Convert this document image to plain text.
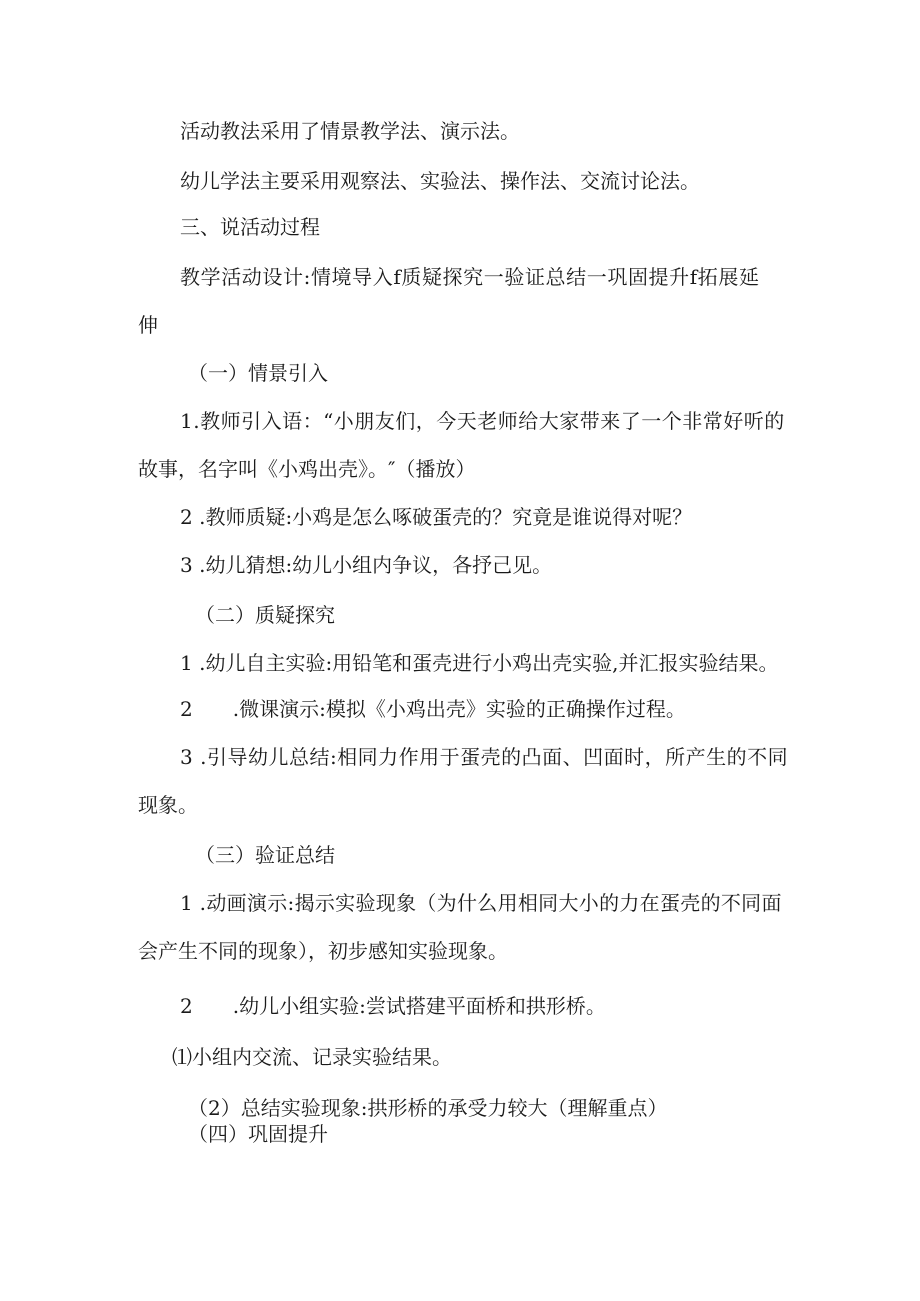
活动教法采用了情景教学法、演示法。
幼儿学法主要采用观察法、实验法、操作法、交流讨论法。
三、说活动过程
教学活动设计:情境导入f质疑探究一验证总结一巩固提升f拓展延
伸
（一）情景引入
1.教师引入语：“小朋友们，今天老师给大家带来了一个非常好听的
故事，名字叫《小鸡出壳》。″（播放）
2 .教师质疑:小鸡是怎么啄破蛋壳的？究竟是谁说得对呢？
3 .幼儿猜想:幼儿小组内争议，各抒己见。
（二）质疑探究
1 .幼儿自主实验:用铅笔和蛋壳进行小鸡出壳实验,并汇报实验结果。
2　　.微课演示:模拟《小鸡出壳》实验的正确操作过程。
3 .引导幼儿总结:相同力作用于蛋壳的凸面、凹面时，所产生的不同
现象。
（三）验证总结
1 .动画演示:揭示实验现象（为什么用相同大小的力在蛋壳的不同面
会产生不同的现象），初步感知实验现象。
2　　.幼儿小组实验:尝试搭建平面桥和拱形桥。
⑴小组内交流、记录实验结果。
（2）总结实验现象:拱形桥的承受力较大（理解重点）
（四）巩固提升
